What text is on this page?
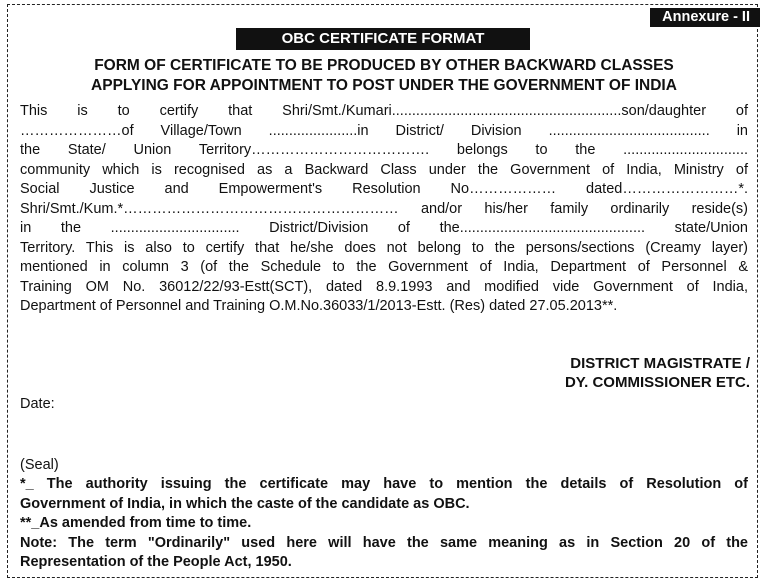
Annexure - II
OBC CERTIFICATE FORMAT
FORM OF CERTIFICATE TO BE PRODUCED BY OTHER BACKWARD CLASSES
APPLYING FOR APPOINTMENT TO POST UNDER THE GOVERNMENT OF INDIA
This is to certify that Shri/Smt./Kumari.........................................................son/daughter of
…………………of Village/Town ......................in District/ Division ........................................ in
the State/ Union Territory………………………………. belongs to the ...............................
community which is recognised as a Backward Class under the Government of India, Ministry of
Social Justice and Empowerment's Resolution No……………… dated……………………*.
Shri/Smt./Kum.*………………………………………………… and/or his/her family ordinarily reside(s)
in the ................................ District/Division of the.............................................. state/Union
Territory. This is also to certify that he/she does not belong to the persons/sections (Creamy layer)
mentioned in column 3 (of the Schedule to the Government of India, Department of Personnel &
Training OM No. 36012/22/93-Estt(SCT), dated 8.9.1993 and modified vide Government of India,
Department of Personnel and Training O.M.No.36033/1/2013-Estt. (Res) dated 27.05.2013**.
DISTRICT MAGISTRATE /
DY. COMMISSIONER ETC.
Date:
(Seal)
*_ The authority issuing the certificate may have to mention the details of Resolution of
Government of India, in which the caste of the candidate as OBC.
**_As amended from time to time.
Note: The term "Ordinarily" used here will have the same meaning as in Section 20 of the
Representation of the People Act, 1950.
